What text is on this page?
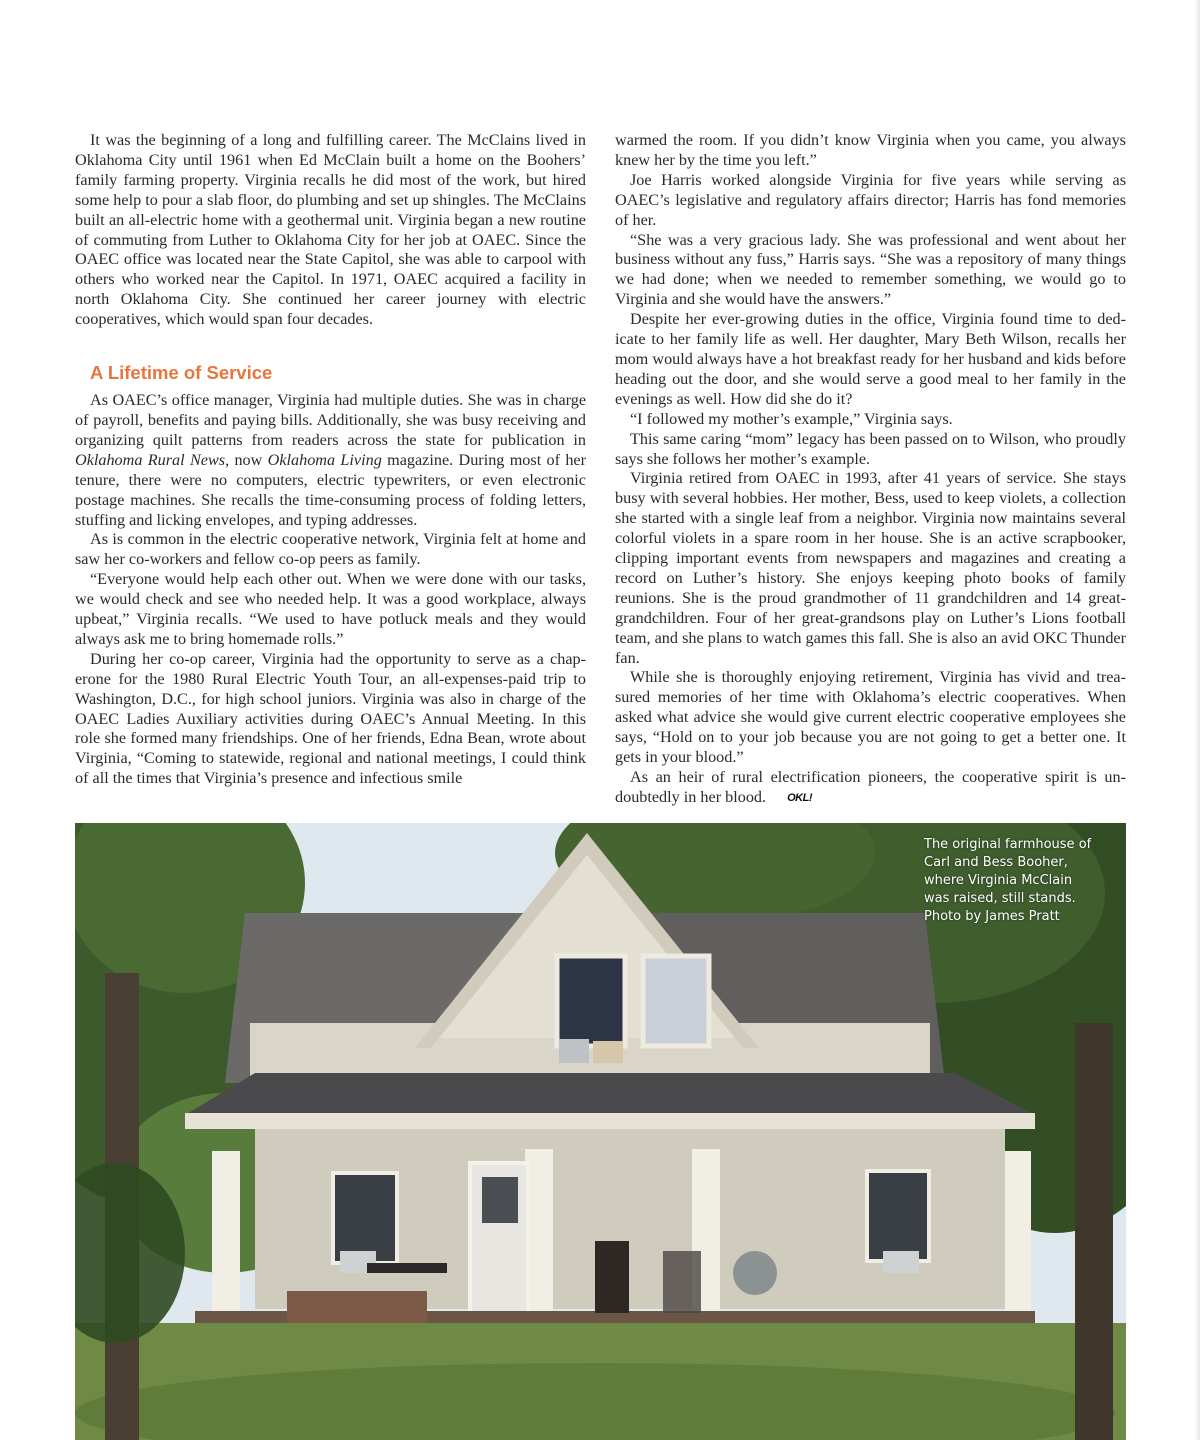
It was the beginning of a long and fulfilling career. The McClains lived in Oklahoma City until 1961 when Ed McClain built a home on the Boohers’ family farming property. Virginia recalls he did most of the work, but hired some help to pour a slab floor, do plumbing and set up shingles. The McClains built an all-electric home with a geothermal unit. Virginia began a new routine of commuting from Luther to Oklahoma City for her job at OAEC. Since the OAEC office was located near the State Capitol, she was able to carpool with others who worked near the Capitol. In 1971, OAEC acquired a facility in north Oklahoma City. She continued her career journey with electric cooperatives, which would span four decades.

A Lifetime of Service

As OAEC’s office manager, Virginia had multiple duties. She was in charge of payroll, benefits and paying bills. Additionally, she was busy receiving and organizing quilt patterns from readers across the state for publication in Oklahoma Rural News, now Oklahoma Living magazine. During most of her tenure, there were no computers, electric typewriters, or even electronic postage machines. She recalls the time-consuming process of folding letters, stuffing and licking envelopes, and typing addresses.

As is common in the electric cooperative network, Virginia felt at home and saw her co-workers and fellow co-op peers as family.

“Everyone would help each other out. When we were done with our tasks, we would check and see who needed help. It was a good workplace, always upbeat,” Virginia recalls. “We used to have potluck meals and they would always ask me to bring homemade rolls.”

During her co-op career, Virginia had the opportunity to serve as a chaperone for the 1980 Rural Electric Youth Tour, an all-expenses-paid trip to Washington, D.C., for high school juniors. Virginia was also in charge of the OAEC Ladies Auxiliary activities during OAEC’s Annual Meeting. In this role she formed many friendships. One of her friends, Edna Bean, wrote about Virginia, “Coming to statewide, regional and national meetings, I could think of all the times that Virginia’s presence and infectious smile

warmed the room. If you didn’t know Virginia when you came, you always knew her by the time you left.”

Joe Harris worked alongside Virginia for five years while serving as OAEC’s legislative and regulatory affairs director; Harris has fond memories of her.

“She was a very gracious lady. She was professional and went about her business without any fuss,” Harris says. “She was a repository of many things we had done; when we needed to remember something, we would go to Virginia and she would have the answers.”

Despite her ever-growing duties in the office, Virginia found time to dedicate to her family life as well. Her daughter, Mary Beth Wilson, recalls her mom would always have a hot breakfast ready for her husband and kids before heading out the door, and she would serve a good meal to her family in the evenings as well. How did she do it?

“I followed my mother’s example,” Virginia says.

This same caring “mom” legacy has been passed on to Wilson, who proudly says she follows her mother’s example.

Virginia retired from OAEC in 1993, after 41 years of service. She stays busy with several hobbies. Her mother, Bess, used to keep violets, a collection she started with a single leaf from a neighbor. Virginia now maintains several colorful violets in a spare room in her house. She is an active scrapbooker, clipping important events from newspapers and magazines and creating a record on Luther’s history. She enjoys keeping photo books of family reunions. She is the proud grandmother of 11 grandchildren and 14 great-grandchildren. Four of her great-grandsons play on Luther’s Lions football team, and she plans to watch games this fall. She is also an avid OKC Thunder fan.

While she is thoroughly enjoying retirement, Virginia has vivid and treasured memories of her time with Oklahoma’s electric cooperatives. When asked what advice she would give current electric cooperative employees she says, “Hold on to your job because you are not going to get a better one. It gets in your blood.”

As an heir of rural electrification pioneers, the cooperative spirit is undoubtedly in her blood. OKL!

The original farmhouse of
Carl and Bess Booher,
where Virginia McClain
was raised, still stands.
Photo by James Pratt
